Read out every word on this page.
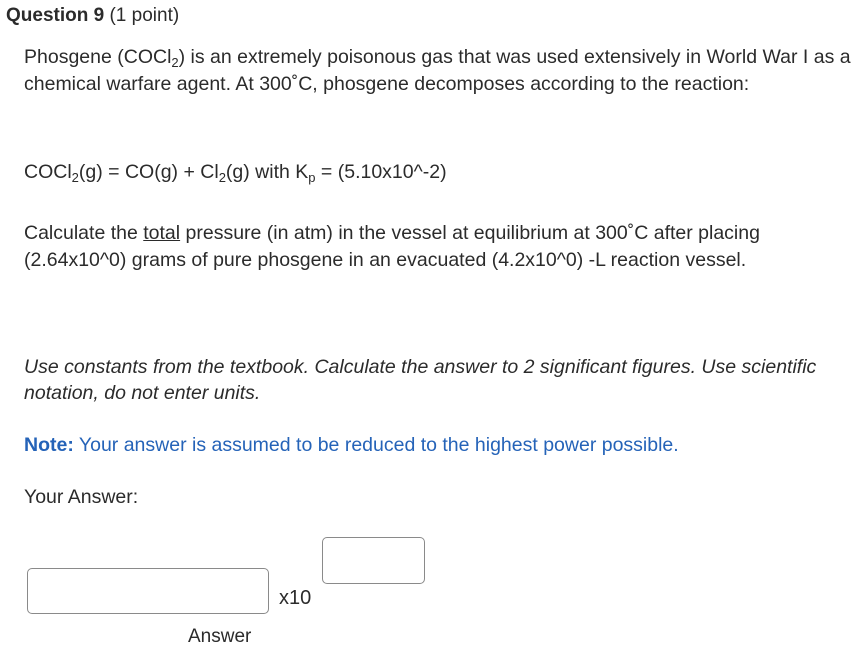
Question 9 (1 point)

Phosgene (COCl$_2$) is an extremely poisonous gas that was used extensively in World War I as a chemical warfare agent. At 300˚C, phosgene decomposes according to the reaction:

COCl$_2$(g) = $CO(g) + Cl_2(g)$ with $K_p$ = (5.10x10^-2)

Calculate the total pressure (in atm) in the vessel at equilibrium at 300˚C after placing (2.64x10^0) grams of pure phosgene in an evacuated (4.2x10^0) -L reaction vessel.

Use constants from the textbook. Calculate the answer to 2 significant figures. Use scientific notation, do not enter units.

Note: Your answer is assumed to be reduced to the highest power possible.

Your Answer:

x10
Answer
